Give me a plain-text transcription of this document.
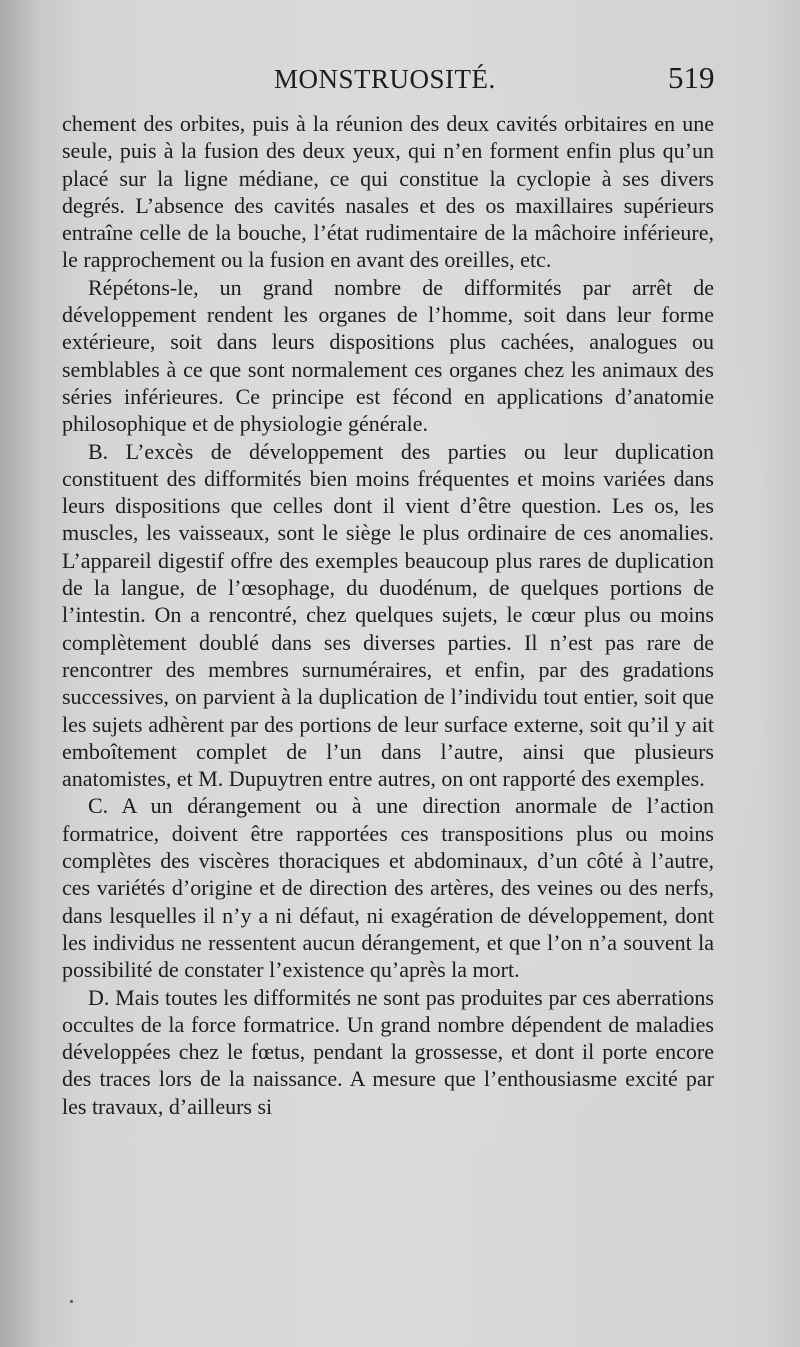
MONSTRUOSITÉ.	519

chement des orbites, puis à la réunion des deux cavités orbitaires en une seule, puis à la fusion des deux yeux, qui n’en forment enfin plus qu’un placé sur la ligne médiane, ce qui constitue la cyclopie à ses divers degrés. L’absence des cavités nasales et des os maxillaires supérieurs entraîne celle de la bouche, l’état rudimentaire de la mâchoire inférieure, le rapprochement ou la fusion en avant des oreilles, etc.

Répétons-le, un grand nombre de difformités par arrêt de développement rendent les organes de l’homme, soit dans leur forme extérieure, soit dans leurs dispositions plus cachées, analogues ou semblables à ce que sont normalement ces organes chez les animaux des séries inférieures. Ce principe est fécond en applications d’anatomie philosophique et de physiologie générale.

B. L’excès de développement des parties ou leur duplication constituent des difformités bien moins fréquentes et moins variées dans leurs dispositions que celles dont il vient d’être question. Les os, les muscles, les vaisseaux, sont le siège le plus ordinaire de ces anomalies. L’appareil digestif offre des exemples beaucoup plus rares de duplication de la langue, de l’œsophage, du duodénum, de quelques portions de l’intestin. On a rencontré, chez quelques sujets, le cœur plus ou moins complètement doublé dans ses diverses parties. Il n’est pas rare de rencontrer des membres surnuméraires, et enfin, par des gradations successives, on parvient à la duplication de l’individu tout entier, soit que les sujets adhèrent par des portions de leur surface externe, soit qu’il y ait emboîtement complet de l’un dans l’autre, ainsi que plusieurs anatomistes, et M. Dupuytren entre autres, on ont rapporté des exemples.

C. A un dérangement ou à une direction anormale de l’action formatrice, doivent être rapportées ces transpositions plus ou moins complètes des viscères thoraciques et abdominaux, d’un côté à l’autre, ces variétés d’origine et de direction des artères, des veines ou des nerfs, dans lesquelles il n’y a ni défaut, ni exagération de développement, dont les individus ne ressentent aucun dérangement, et que l’on n’a souvent la possibilité de constater l’existence qu’après la mort.

D. Mais toutes les difformités ne sont pas produites par ces aberrations occultes de la force formatrice. Un grand nombre dépendent de maladies développées chez le fœtus, pendant la grossesse, et dont il porte encore des traces lors de la naissance. A mesure que l’enthousiasme excité par les travaux, d’ailleurs si
